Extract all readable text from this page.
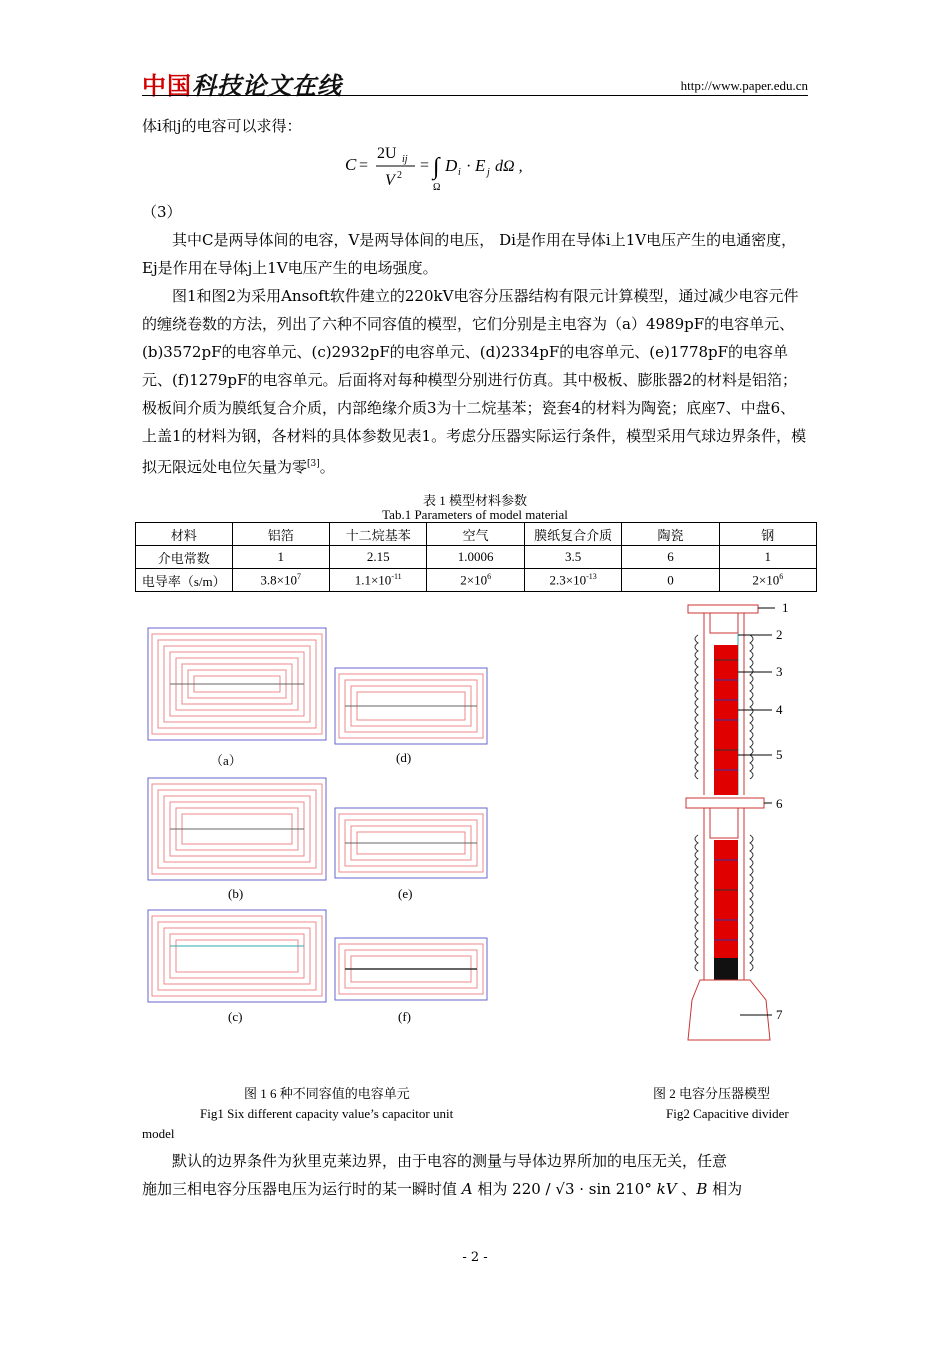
中国科技论文在线	http://www.paper.edu.cn

体i和j的电容可以求得：

C =
2U ij
V 2
= ∫
Ω
D i · E j dΩ ,

（3）

其中C是两导体间的电容，V是两导体间的电压， Di是作用在导体i上1V电压产生的电通密度， Ej是作用在导体j上1V电压产生的电场强度。

图1和图2为采用Ansoft软件建立的220kV电容分压器结构有限元计算模型，通过减少电容元件的缠绕卷数的方法，列出了六种不同容值的模型，它们分别是主电容为（a）4989pF的电容单元、(b)3572pF的电容单元、(c)2932pF的电容单元、(d)2334pF的电容单元、(e)1778pF的电容单元、(f)1279pF的电容单元。后面将对每种模型分别进行仿真。其中极板、膨胀器2的材料是铝箔；极板间介质为膜纸复合介质，内部绝缘介质3为十二烷基苯；瓷套4的材料为陶瓷；底座7、中盘6、上盖1的材料为钢，各材料的具体参数见表1。考虑分压器实际运行条件，模型采用气球边界条件，模拟无限远处电位矢量为零[3]。

表 1 模型材料参数
Tab.1 Parameters of model material
材料	铝箔	十二烷基苯	空气	膜纸复合介质	陶瓷	钢
介电常数	1	2.15	1.0006	3.5	6	1
电导率（s/m）	$3.8\times 10^7$	$1.1\times 10^{-11}$	$2\times 10^6$	$2.3\times 10^{-13}$	0	$2\times 10^6$
（a）	(d)
(b)	(e)
(c)	(f)
1
2
3
4
5
6
7
图 1 6 种不同容值的电容单元	图 2 电容分压器模型
Fig1 Six different capacity value’s capacitor unit	Fig2 Capacitive divider
model

默认的边界条件为狄里克莱边界，由于电容的测量与导体边界所加的电压无关，任意

施加三相电容分压器电压为运行时的某一瞬时值 A 相为 220 / √3 · sin 210° kV 、B 相为

- 2 -
